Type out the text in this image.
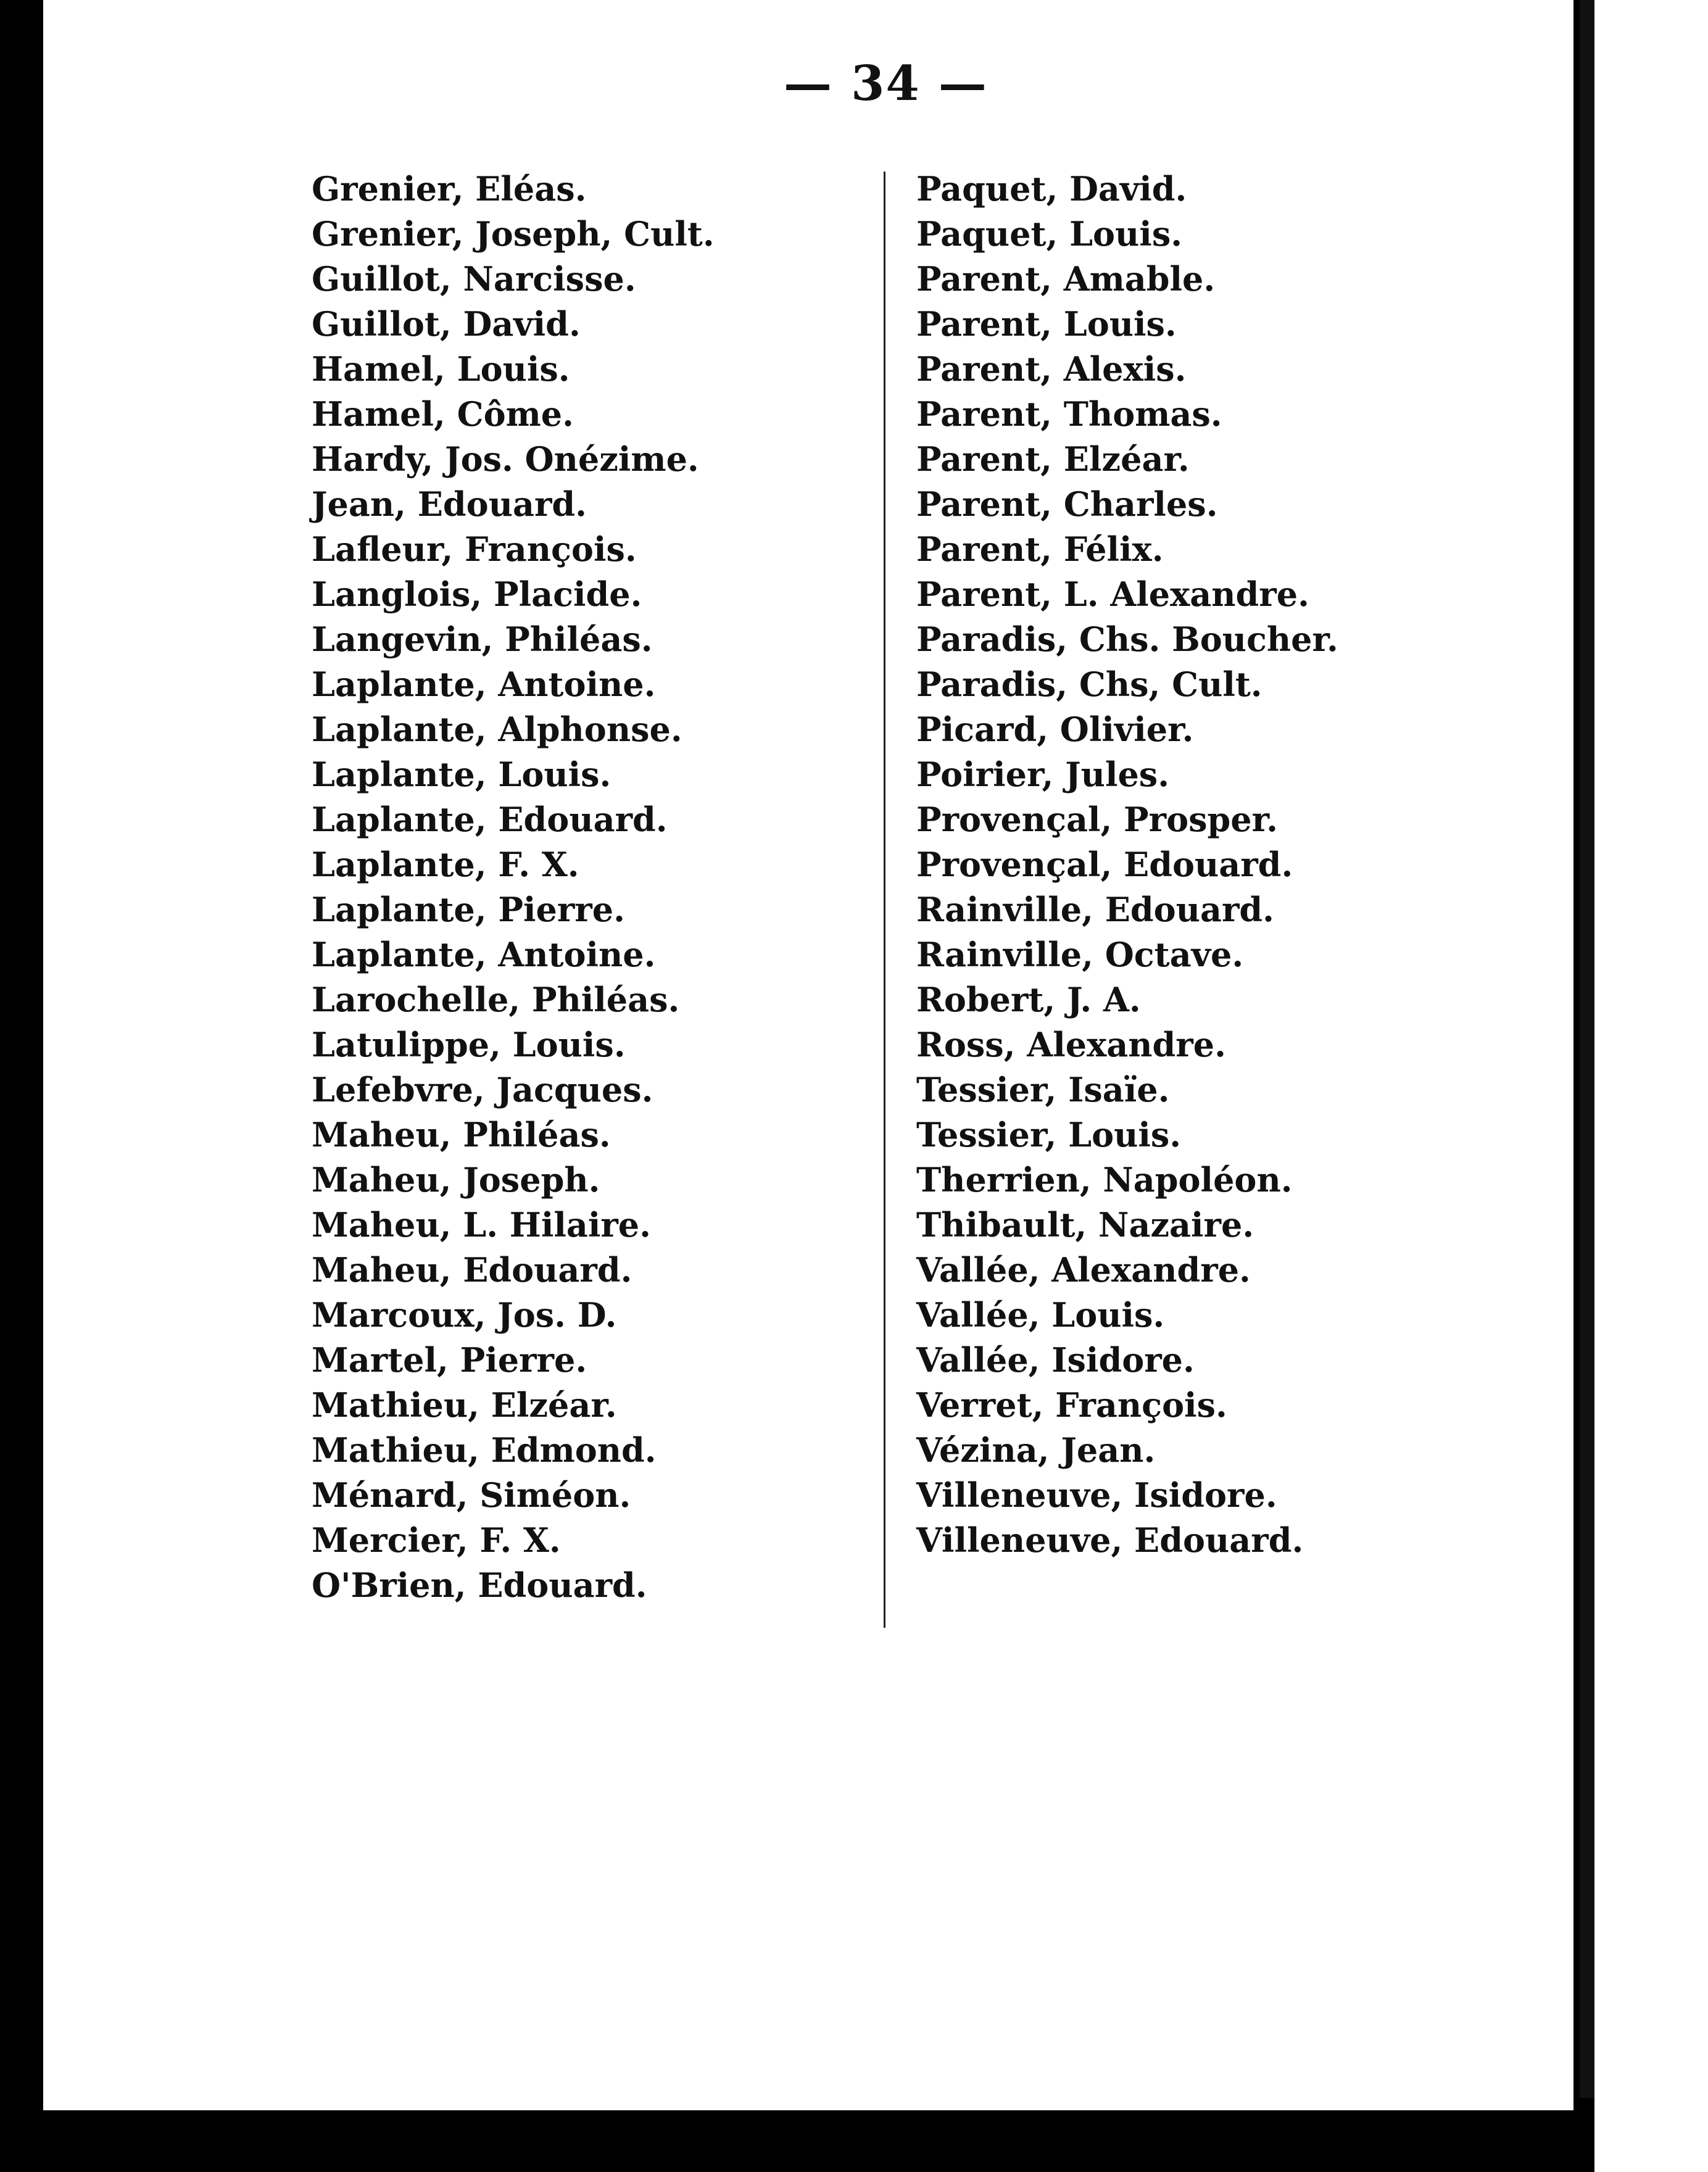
— 34 —
Grenier, Eléas.
Grenier, Joseph, Cult.
Guillot, Narcisse.
Guillot, David.
Hamel, Louis.
Hamel, Côme.
Hardy, Jos. Onézime.
Jean, Edouard.
Lafleur, François.
Langlois, Placide.
Langevin, Philéas.
Laplante, Antoine.
Laplante, Alphonse.
Laplante, Louis.
Laplante, Edouard.
Laplante, F. X.
Laplante, Pierre.
Laplante, Antoine.
Larochelle, Philéas.
Latulippe, Louis.
Lefebvre, Jacques.
Maheu, Philéas.
Maheu, Joseph.
Maheu, L. Hilaire.
Maheu, Edouard.
Marcoux, Jos. D.
Martel, Pierre.
Mathieu, Elzéar.
Mathieu, Edmond.
Ménard, Siméon.
Mercier, F. X.
O'Brien, Edouard.
Paquet, David.
Paquet, Louis.
Parent, Amable.
Parent, Louis.
Parent, Alexis.
Parent, Thomas.
Parent, Elzéar.
Parent, Charles.
Parent, Félix.
Parent, L. Alexandre.
Paradis, Chs. Boucher.
Paradis, Chs, Cult.
Picard, Olivier.
Poirier, Jules.
Provençal, Prosper.
Provençal, Edouard.
Rainville, Edouard.
Rainville, Octave.
Robert, J. A.
Ross, Alexandre.
Tessier, Isaïe.
Tessier, Louis.
Therrien, Napoléon.
Thibault, Nazaire.
Vallée, Alexandre.
Vallée, Louis.
Vallée, Isidore.
Verret, François.
Vézina, Jean.
Villeneuve, Isidore.
Villeneuve, Edouard.
